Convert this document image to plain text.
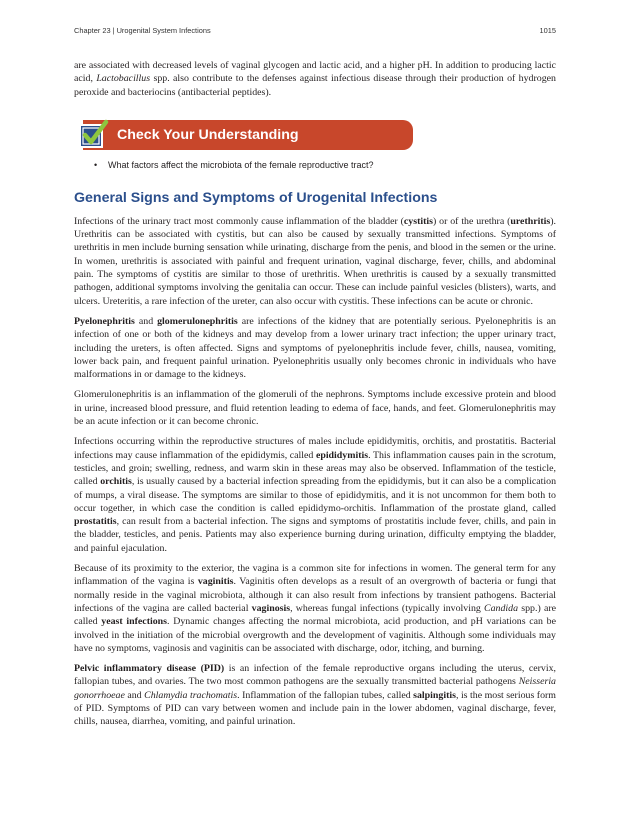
Chapter 23 | Urogenital System Infections	1015

are associated with decreased levels of vaginal glycogen and lactic acid, and a higher pH. In addition to producing lactic acid, Lactobacillus spp. also contribute to the defenses against infectious disease through their production of hydrogen peroxide and bacteriocins (antibacterial peptides).

Check Your Understanding
• What factors affect the microbiota of the female reproductive tract?
General Signs and Symptoms of Urogenital Infections

Infections of the urinary tract most commonly cause inflammation of the bladder (cystitis) or of the urethra (urethritis). Urethritis can be associated with cystitis, but can also be caused by sexually transmitted infections. Symptoms of urethritis in men include burning sensation while urinating, discharge from the penis, and blood in the semen or the urine. In women, urethritis is associated with painful and frequent urination, vaginal discharge, fever, chills, and abdominal pain. The symptoms of cystitis are similar to those of urethritis. When urethritis is caused by a sexually transmitted pathogen, additional symptoms involving the genitalia can occur. These can include painful vesicles (blisters), warts, and ulcers. Ureteritis, a rare infection of the ureter, can also occur with cystitis. These infections can be acute or chronic.

Pyelonephritis and glomerulonephritis are infections of the kidney that are potentially serious. Pyelonephritis is an infection of one or both of the kidneys and may develop from a lower urinary tract infection; the upper urinary tract, including the ureters, is often affected. Signs and symptoms of pyelonephritis include fever, chills, nausea, vomiting, lower back pain, and frequent painful urination. Pyelonephritis usually only becomes chronic in individuals who have malformations in or damage to the kidneys.

Glomerulonephritis is an inflammation of the glomeruli of the nephrons. Symptoms include excessive protein and blood in urine, increased blood pressure, and fluid retention leading to edema of face, hands, and feet. Glomerulonephritis may be an acute infection or it can become chronic.

Infections occurring within the reproductive structures of males include epididymitis, orchitis, and prostatitis. Bacterial infections may cause inflammation of the epididymis, called epididymitis. This inflammation causes pain in the scrotum, testicles, and groin; swelling, redness, and warm skin in these areas may also be observed. Inflammation of the testicle, called orchitis, is usually caused by a bacterial infection spreading from the epididymis, but it can also be a complication of mumps, a viral disease. The symptoms are similar to those of epididymitis, and it is not uncommon for them both to occur together, in which case the condition is called epididymo-orchitis. Inflammation of the prostate gland, called prostatitis, can result from a bacterial infection. The signs and symptoms of prostatitis include fever, chills, and pain in the bladder, testicles, and penis. Patients may also experience burning during urination, difficulty emptying the bladder, and painful ejaculation.

Because of its proximity to the exterior, the vagina is a common site for infections in women. The general term for any inflammation of the vagina is vaginitis. Vaginitis often develops as a result of an overgrowth of bacteria or fungi that normally reside in the vaginal microbiota, although it can also result from infections by transient pathogens. Bacterial infections of the vagina are called bacterial vaginosis, whereas fungal infections (typically involving Candida spp.) are called yeast infections. Dynamic changes affecting the normal microbiota, acid production, and pH variations can be involved in the initiation of the microbial overgrowth and the development of vaginitis. Although some individuals may have no symptoms, vaginosis and vaginitis can be associated with discharge, odor, itching, and burning.

Pelvic inflammatory disease (PID) is an infection of the female reproductive organs including the uterus, cervix, fallopian tubes, and ovaries. The two most common pathogens are the sexually transmitted bacterial pathogens Neisseria gonorrhoeae and Chlamydia trachomatis. Inflammation of the fallopian tubes, called salpingitis, is the most serious form of PID. Symptoms of PID can vary between women and include pain in the lower abdomen, vaginal discharge, fever, chills, nausea, diarrhea, vomiting, and painful urination.
